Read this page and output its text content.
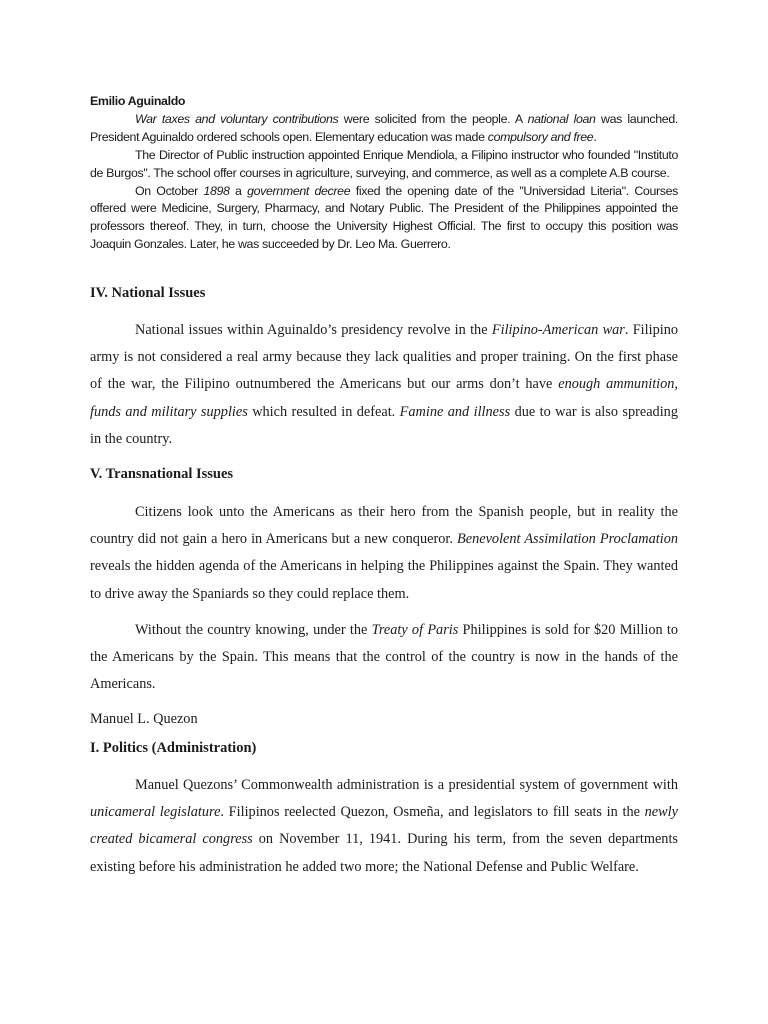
Emilio Aguinaldo

War taxes and voluntary contributions were solicited from the people. A national loan was launched. President Aguinaldo ordered schools open. Elementary education was made compulsory and free.

The Director of Public instruction appointed Enrique Mendiola, a Filipino instructor who founded "Instituto de Burgos". The school offer courses in agriculture, surveying, and commerce, as well as a complete A.B course.

On October 1898 a government decree fixed the opening date of the "Universidad Literia". Courses offered were Medicine, Surgery, Pharmacy, and Notary Public. The President of the Philippines appointed the professors thereof. They, in turn, choose the University Highest Official. The first to occupy this position was Joaquin Gonzales. Later, he was succeeded by Dr. Leo Ma. Guerrero.

IV. National Issues

National issues within Aguinaldo’s presidency revolve in the Filipino-American war. Filipino army is not considered a real army because they lack qualities and proper training. On the first phase of the war, the Filipino outnumbered the Americans but our arms don’t have enough ammunition, funds and military supplies which resulted in defeat. Famine and illness due to war is also spreading in the country.

V. Transnational Issues

Citizens look unto the Americans as their hero from the Spanish people, but in reality the country did not gain a hero in Americans but a new conqueror. Benevolent Assimilation Proclamation reveals the hidden agenda of the Americans in helping the Philippines against the Spain. They wanted to drive away the Spaniards so they could replace them.

Without the country knowing, under the Treaty of Paris Philippines is sold for $20 Million to the Americans by the Spain. This means that the control of the country is now in the hands of the Americans.

Manuel L. Quezon

I. Politics (Administration)

Manuel Quezons’ Commonwealth administration is a presidential system of government with unicameral legislature. Filipinos reelected Quezon, Osmeña, and legislators to fill seats in the newly created bicameral congress on November 11, 1941. During his term, from the seven departments existing before his administration he added two more; the National Defense and Public Welfare.
